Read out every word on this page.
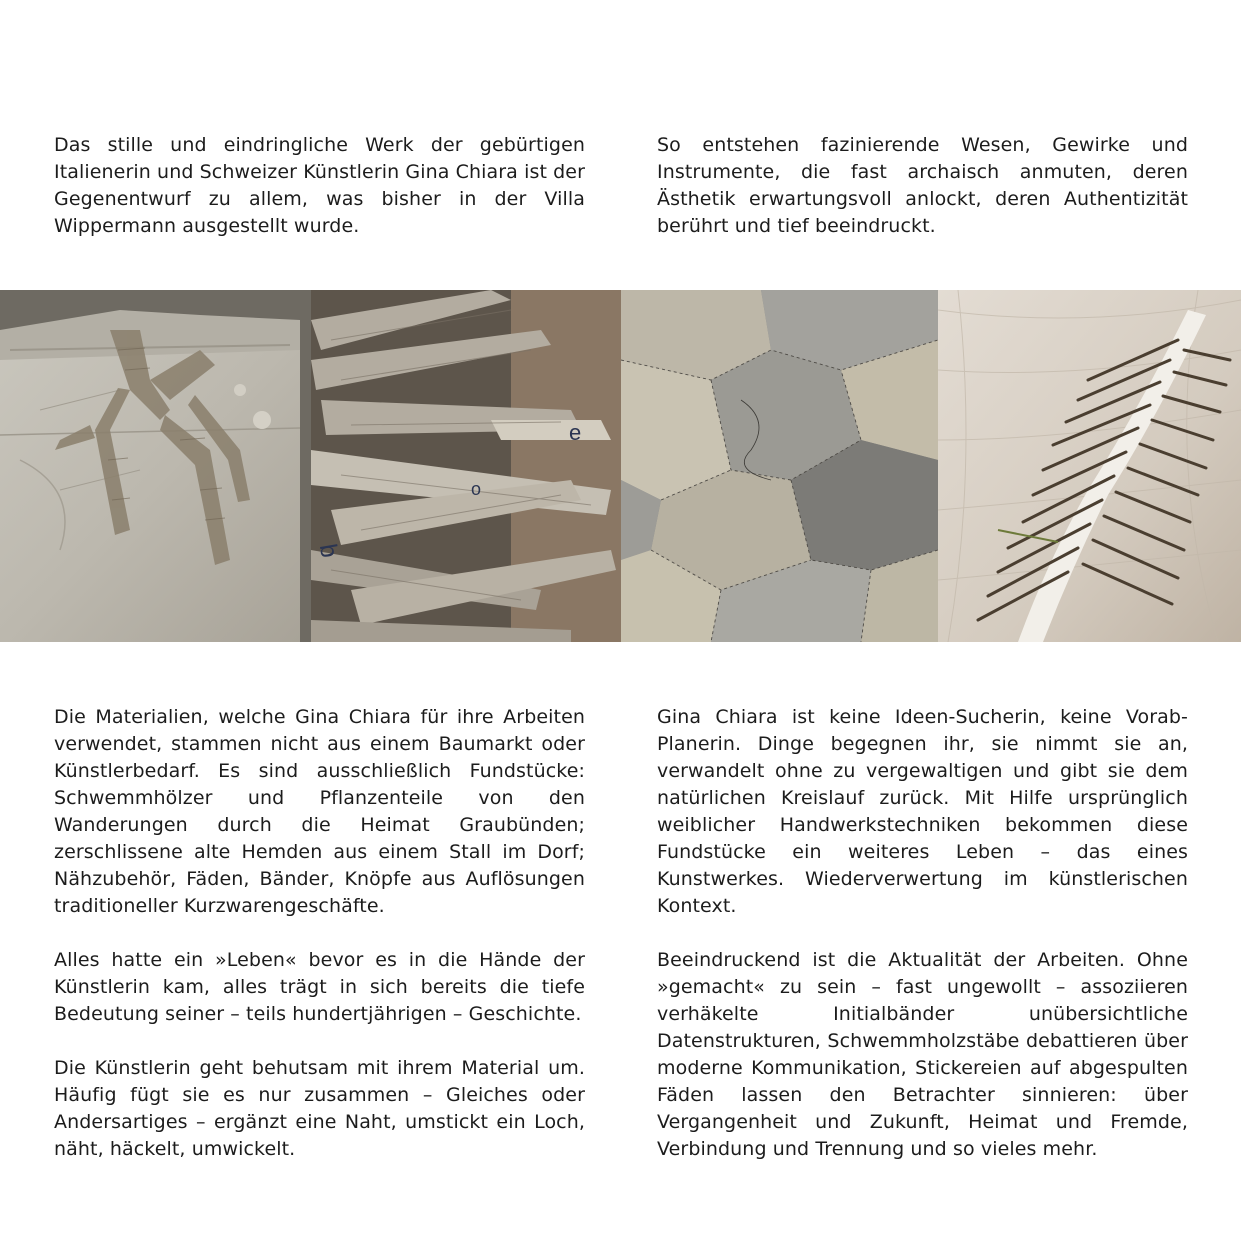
Das stille und eindringliche Werk der gebürtigen Italienerin und Schweizer Künstlerin Gina Chiara ist der Gegenentwurf zu allem, was bisher in der Villa Wippermann ausgestellt wurde.

So entstehen fazinierende Wesen, Gewirke und Instrumente, die fast archaisch anmuten, deren Ästhetik erwartungsvoll anlockt, deren Authentizität berührt und tief beeindruckt.

e
o
b

Die Materialien, welche Gina Chiara für ihre Arbeiten verwendet, stammen nicht aus einem Baumarkt oder Künstlerbedarf. Es sind ausschließlich Fundstücke: Schwemmhölzer und Pflanzenteile von den Wanderungen durch die Heimat Graubünden; zerschlissene alte Hemden aus einem Stall im Dorf; Nähzubehör, Fäden, Bänder, Knöpfe aus Auflösungen traditioneller Kurzwarengeschäfte.

Alles hatte ein »Leben« bevor es in die Hände der Künstlerin kam, alles trägt in sich bereits die tiefe Bedeutung seiner – teils hundertjährigen – Geschichte.

Die Künstlerin geht behutsam mit ihrem Material um. Häufig fügt sie es nur zusammen – Gleiches oder Andersartiges – ergänzt eine Naht, umstickt ein Loch, näht, häckelt, umwickelt.

Gina Chiara ist keine Ideen-Sucherin, keine Vorab-Planerin. Dinge begegnen ihr, sie nimmt sie an, verwandelt ohne zu vergewaltigen und gibt sie dem natürlichen Kreislauf zurück. Mit Hilfe ursprünglich weiblicher Handwerkstechniken bekommen diese Fundstücke ein weiteres Leben – das eines Kunstwerkes. Wiederverwertung im künstlerischen Kontext.

Beeindruckend ist die Aktualität der Arbeiten. Ohne »gemacht« zu sein – fast ungewollt – assoziieren verhäkelte Initialbänder unübersichtliche Datenstrukturen, Schwemmholzstäbe debattieren über moderne Kommunikation, Stickereien auf abgespulten Fäden lassen den Betrachter sinnieren: über Vergangenheit und Zukunft, Heimat und Fremde, Verbindung und Trennung und so vieles mehr.
